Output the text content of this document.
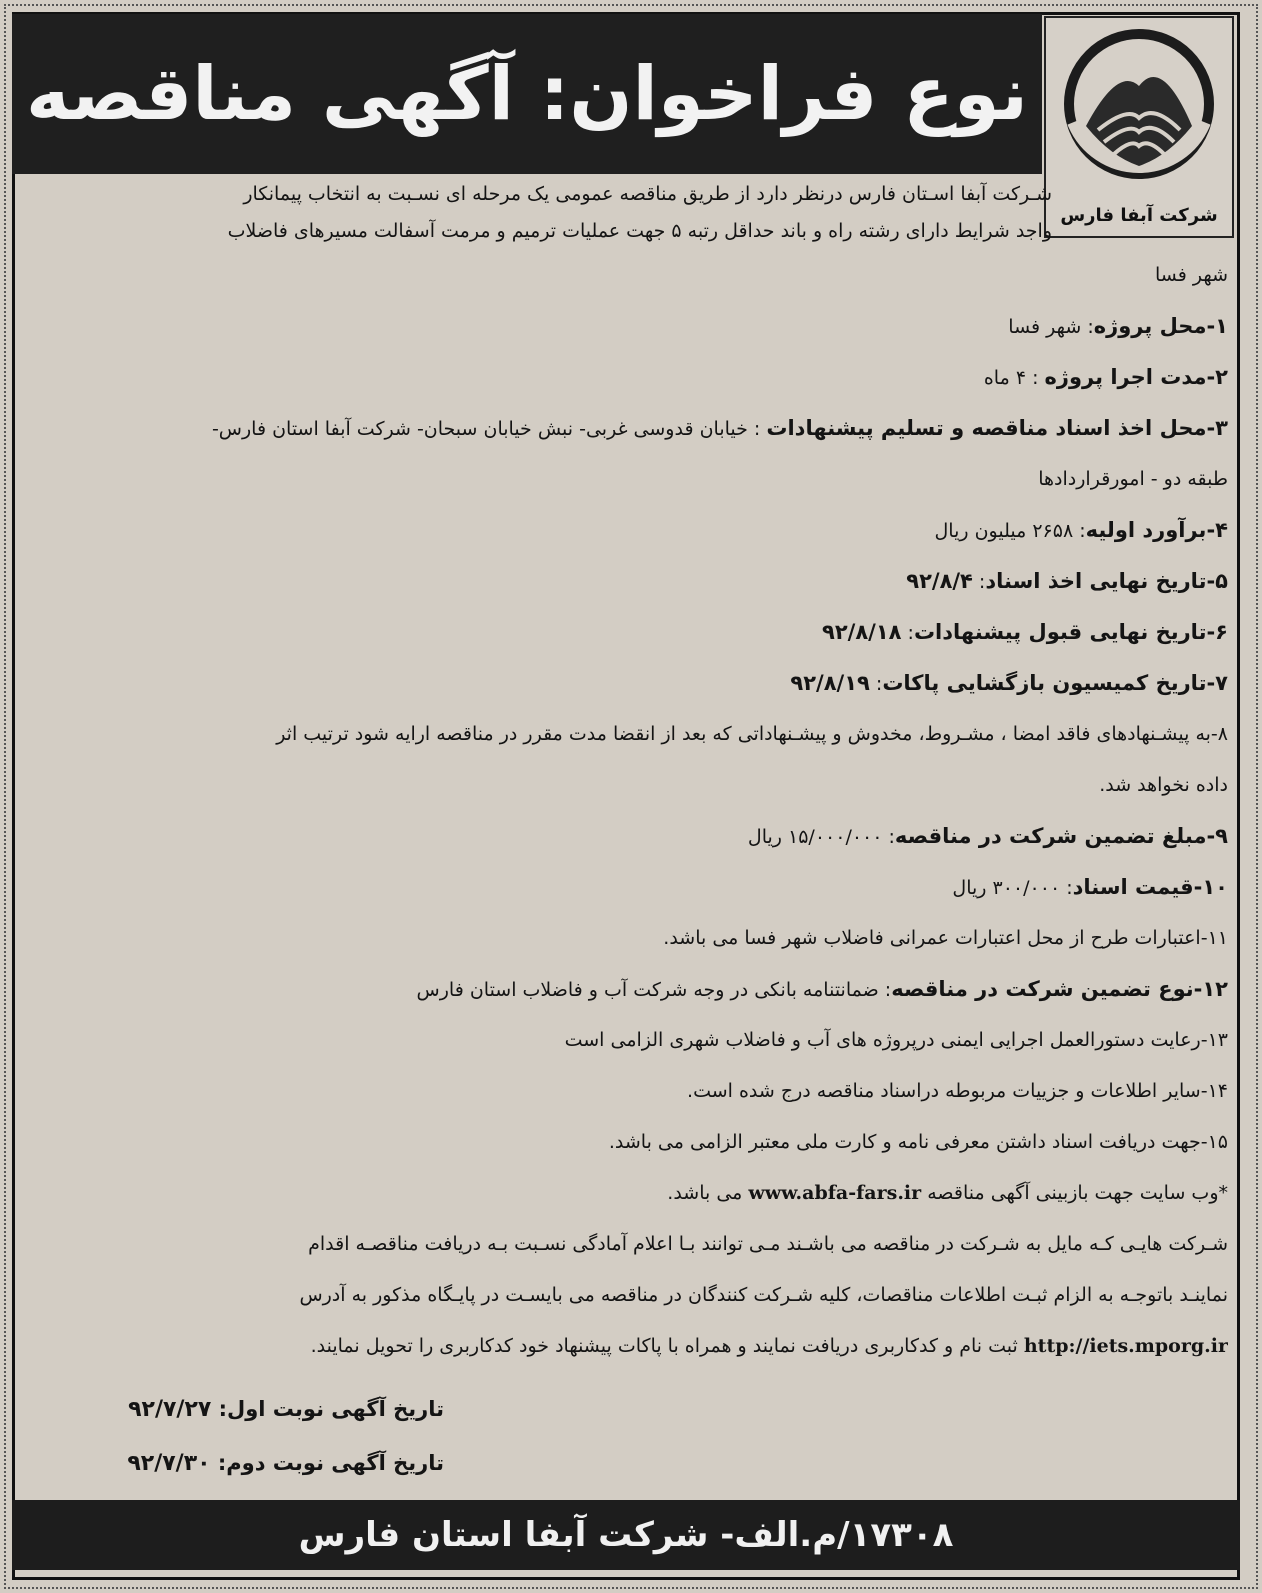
نوع فراخوان: آگهی مناقصه
شرکت آبفا فارس
شـرکت آبفا اسـتان فارس درنظر دارد از طریق مناقصه عمومی یک مرحله ای نسـبت به انتخاب پیمانکار
واجد شرایط دارای رشته راه و باند حداقل رتبه ۵ جهت عملیات ترمیم و مرمت آسفالت مسیرهای فاضلاب
شهر فسا
۱-محل پروژه: شهر فسا
۲-مدت اجرا پروژه : ۴ ماه
۳-محل اخذ اسناد مناقصه و تسلیم پیشنهادات : خیابان قدوسی غربی- نبش خیابان سبحان- شرکت آبفا استان فارس-
طبقه دو - امورقراردادها
۴-برآورد اولیه: ۲۶۵۸ میلیون ریال
۵-تاریخ نهایی اخذ اسناد: ۹۲/۸/۴
۶-تاریخ نهایی قبول پیشنهادات: ۹۲/۸/۱۸
۷-تاریخ کمیسیون بازگشایی پاکات: ۹۲/۸/۱۹
۸-به پیشـنهادهای فاقد امضا ، مشـروط، مخدوش و پیشـنهاداتی که بعد از انقضا مدت مقرر در مناقصه ارایه شود ترتیب اثر
داده نخواهد شد.
۹-مبلغ تضمین شرکت در مناقصه: ۱۵/۰۰۰/۰۰۰ ریال
۱۰-قیمت اسناد: ۳۰۰/۰۰۰ ریال
۱۱-اعتبارات طرح از محل اعتبارات عمرانی فاضلاب شهر فسا می باشد.
۱۲-نوع تضمین شرکت در مناقصه: ضمانتنامه بانکی در وجه شرکت آب و فاضلاب استان فارس
۱۳-رعایت دستورالعمل اجرایی ایمنی درپروژه های آب و فاضلاب شهری الزامی است
۱۴-سایر اطلاعات و جزییات مربوطه دراسناد مناقصه درج شده است.
۱۵-جهت دریافت اسناد داشتن معرفی نامه و کارت ملی معتبر الزامی می باشد.
*وب سایت جهت بازبینی آگهی مناقصه www.abfa-fars.ir می باشد.
شـرکت هایـی کـه مایل به شـرکت در مناقصه می باشـند مـی توانند بـا اعلام آمادگی نسـبت بـه دریافت مناقصـه اقدام
نماینـد باتوجـه به الزام ثبـت اطلاعات مناقصات، کلیه شـرکت کنندگان در مناقصه می بایسـت در پایـگاه مذکور به آدرس
http://iets.mporg.ir ثبت نام و کدکاربری دریافت نمایند و همراه با پاکات پیشنهاد خود کدکاربری را تحویل نمایند.
تاریخ آگهی نوبت اول: ۹۲/۷/۲۷
تاریخ آگهی نوبت دوم: ۹۲/۷/۳۰
۱۷۳۰۸/م.الف- شرکت آبفا استان فارس
